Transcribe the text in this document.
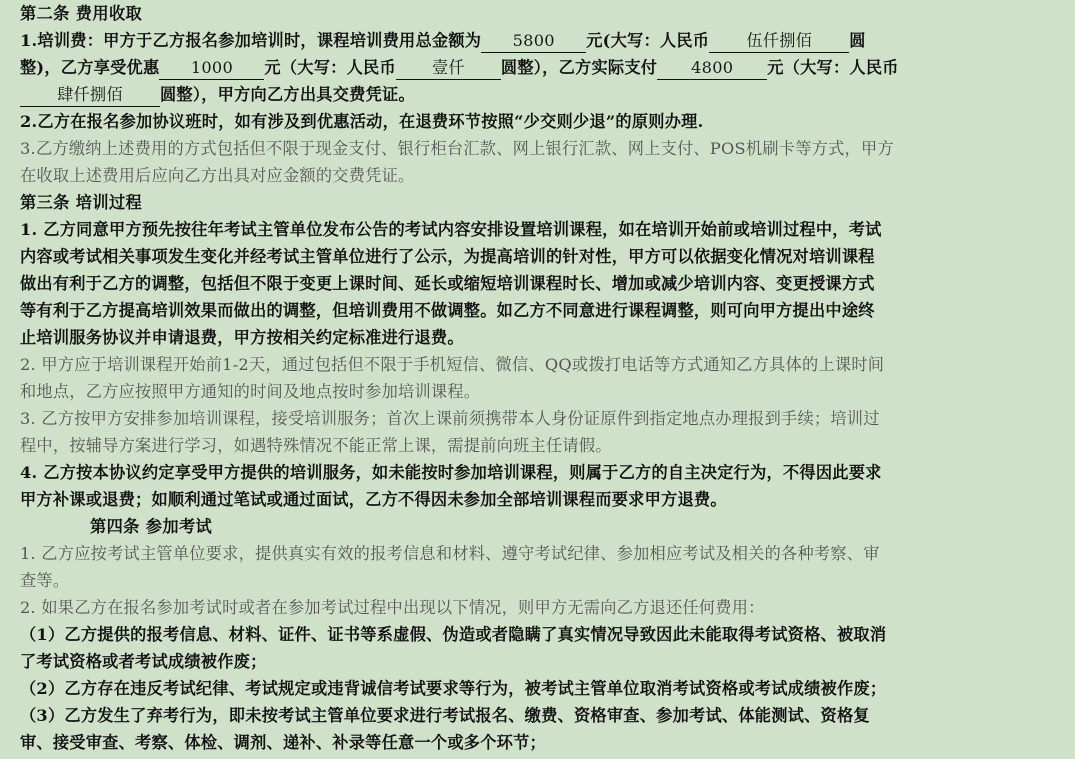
第二条 费用收取
1.培训费：甲方于乙方报名参加培训时，课程培训费用总金额为 5800 元(大写：人民币 伍仟捌佰 圆
整)，乙方享受优惠 1000 元（大写：人民币 壹仟 圆整），乙方实际支付 4800 元（大写：人民币
肆仟捌佰 圆整），甲方向乙方出具交费凭证。
2.乙方在报名参加协议班时，如有涉及到优惠活动，在退费环节按照“少交则少退”的原则办理.
3.乙方缴纳上述费用的方式包括但不限于现金支付、银行柜台汇款、网上银行汇款、网上支付、POS机刷卡等方式，甲方
在收取上述费用后应向乙方出具对应金额的交费凭证。
第三条 培训过程
1. 乙方同意甲方预先按往年考试主管单位发布公告的考试内容安排设置培训课程，如在培训开始前或培训过程中，考试
内容或考试相关事项发生变化并经考试主管单位进行了公示，为提高培训的针对性，甲方可以依据变化情况对培训课程
做出有利于乙方的调整，包括但不限于变更上课时间、延长或缩短培训课程时长、增加或减少培训内容、变更授课方式
等有利于乙方提高培训效果而做出的调整，但培训费用不做调整。如乙方不同意进行课程调整，则可向甲方提出中途终
止培训服务协议并申请退费，甲方按相关约定标准进行退费。
2. 甲方应于培训课程开始前1-2天，通过包括但不限于手机短信、微信、QQ或拨打电话等方式通知乙方具体的上课时间
和地点，乙方应按照甲方通知的时间及地点按时参加培训课程。
3. 乙方按甲方安排参加培训课程，接受培训服务；首次上课前须携带本人身份证原件到指定地点办理报到手续；培训过
程中，按辅导方案进行学习，如遇特殊情况不能正常上课，需提前向班主任请假。
4. 乙方按本协议约定享受甲方提供的培训服务，如未能按时参加培训课程，则属于乙方的自主决定行为，不得因此要求
甲方补课或退费；如顺利通过笔试或通过面试，乙方不得因未参加全部培训课程而要求甲方退费。
第四条 参加考试
1. 乙方应按考试主管单位要求，提供真实有效的报考信息和材料、遵守考试纪律、参加相应考试及相关的各种考察、审
查等。
2. 如果乙方在报名参加考试时或者在参加考试过程中出现以下情况，则甲方无需向乙方退还任何费用：
（1）乙方提供的报考信息、材料、证件、证书等系虚假、伪造或者隐瞒了真实情况导致因此未能取得考试资格、被取消
了考试资格或者考试成绩被作废；
（2）乙方存在违反考试纪律、考试规定或违背诚信考试要求等行为，被考试主管单位取消考试资格或考试成绩被作废；
（3）乙方发生了弃考行为，即未按考试主管单位要求进行考试报名、缴费、资格审查、参加考试、体能测试、资格复
审、接受审查、考察、体检、调剂、递补、补录等任意一个或多个环节；
